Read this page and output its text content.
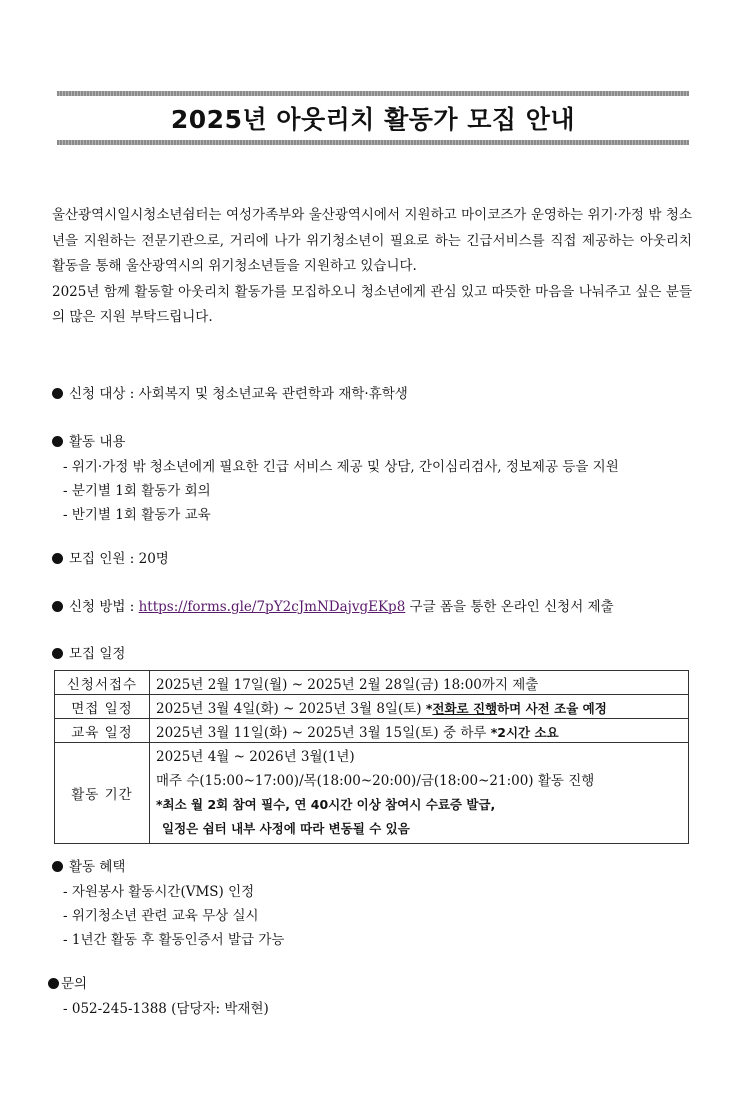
2025년 아웃리치 활동가 모집 안내

울산광역시일시청소년쉼터는 여성가족부와 울산광역시에서 지원하고 마이코즈가 운영하는 위기·가정 밖 청소년을 지원하는 전문기관으로, 거리에 나가 위기청소년이 필요로 하는 긴급서비스를 직접 제공하는 아웃리치 활동을 통해 울산광역시의 위기청소년들을 지원하고 있습니다.

2025년 함께 활동할 아웃리치 활동가를 모집하오니 청소년에게 관심 있고 따뜻한 마음을 나눠주고 싶은 분들의 많은 지원 부탁드립니다.

신청 대상 : 사회복지 및 청소년교육 관련학과 재학·휴학생
활동 내용
- 위기·가정 밖 청소년에게 필요한 긴급 서비스 제공 및 상담, 간이심리검사, 정보제공 등을 지원
- 분기별 1회 활동가 회의
- 반기별 1회 활동가 교육
모집 인원 : 20명
신청 방법 : https://forms.gle/7pY2cJmNDajvgEKp8 구글 폼을 통한 온라인 신청서 제출
모집 일정
신청서접수	2025년 2월 17일(월) ~ 2025년 2월 28일(금) 18:00까지 제출
면접 일정	2025년 3월 4일(화) ~ 2025년 3월 8일(토) *전화로 진행하며 사전 조율 예정
교육 일정	2025년 3월 11일(화) ~ 2025년 3월 15일(토) 중 하루 *2시간 소요
활동 기간	2025년 4월 ~ 2026년 3월(1년)
매주 수(15:00~17:00)/목(18:00~20:00)/금(18:00~21:00) 활동 진행
*최소 월 2회 참여 필수, 연 40시간 이상 참여시 수료증 발급,
일정은 쉼터 내부 사정에 따라 변동될 수 있음
활동 혜택
- 자원봉사 활동시간(VMS) 인정
- 위기청소년 관련 교육 무상 실시
- 1년간 활동 후 활동인증서 발급 가능
문의
- 052-245-1388 (담당자: 박재현)
